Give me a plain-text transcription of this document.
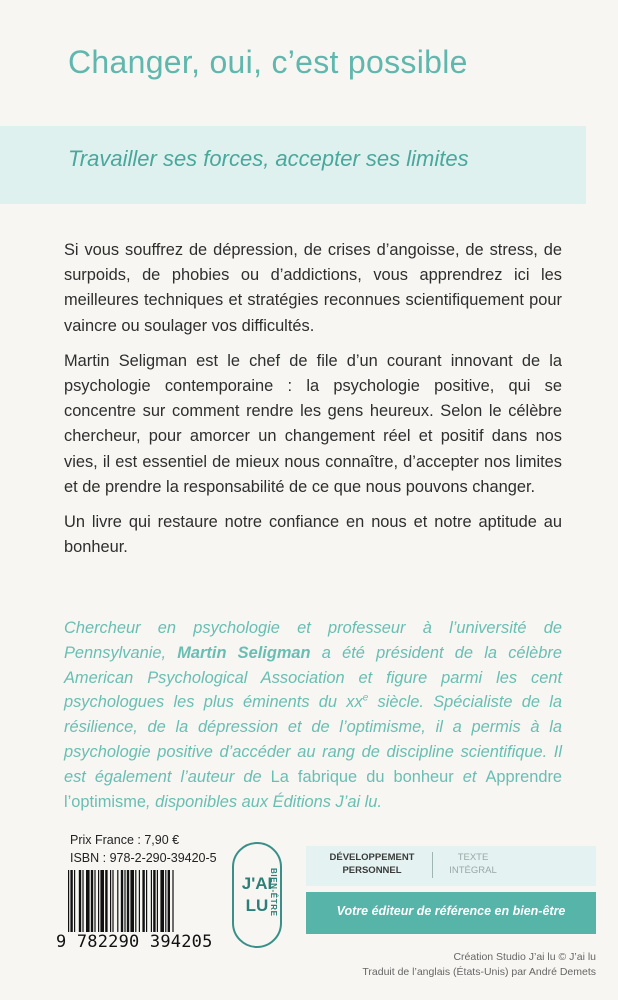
Changer, oui, c’est possible
Travailler ses forces, accepter ses limites

Si vous souffrez de dépression, de crises d’angoisse, de stress, de surpoids, de phobies ou d’addictions, vous apprendrez ici les meilleures techniques et stratégies reconnues scientifiquement pour vaincre ou soulager vos difficultés.

Martin Seligman est le chef de file d’un courant innovant de la psychologie contemporaine : la psychologie positive, qui se concentre sur comment rendre les gens heureux. Selon le célèbre chercheur, pour amorcer un changement réel et positif dans nos vies, il est essentiel de mieux nous connaître, d’accepter nos limites et de prendre la responsabilité de ce que nous pouvons changer.

Un livre qui restaure notre confiance en nous et notre aptitude au bonheur.

Chercheur en psychologie et professeur à l’université de Pennsylvanie, Martin Seligman a été président de la célèbre American Psychological Association et figure parmi les cent psychologues les plus éminents du $xx^e$ siècle. Spécialiste de la résilience, de la dépression et de l’optimisme, il a permis à la psychologie positive d’accéder au rang de discipline scientifique. Il est également l’auteur de La fabrique du bonheur et Apprendre l’optimisme, disponibles aux Éditions J’ai lu.
Prix France : 7,90 €
ISBN : 978-2-290-39420-5
9 782290 394205
J'AI
LU BIEN-ÊTRE
DÉVELOPPEMENT PERSONNEL
TEXTE INTÉGRAL
Votre éditeur de référence en bien-être
Création Studio J’ai lu © J’ai lu
Traduit de l’anglais (États-Unis) par André Demets
